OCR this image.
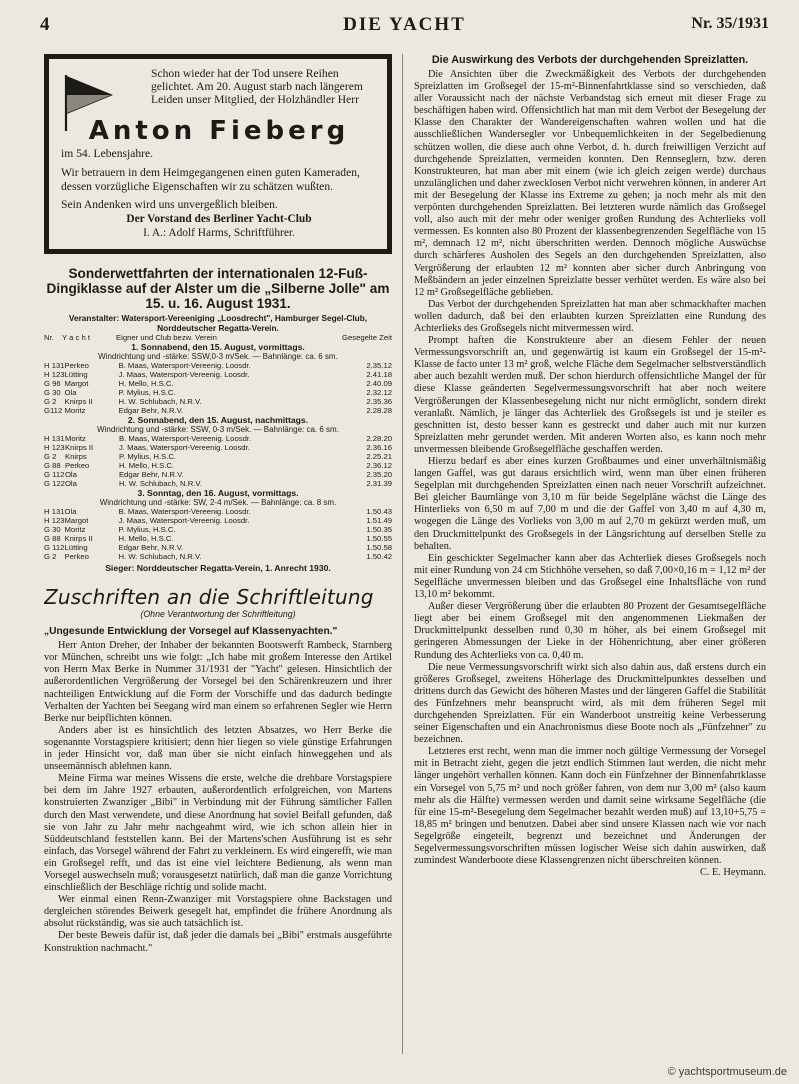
4	DIE YACHT	Nr. 35/1931

Schon wieder hat der Tod unsere Reihen gelichtet. Am 20. August starb nach längerem Leiden unser Mitglied, der Holzhändler Herr

Anton Fieberg

im 54. Lebensjahre.

Wir betrauern in dem Heimgegangenen einen guten Kameraden, dessen vorzügliche Eigenschaften wir zu schätzen wußten.

Sein Andenken wird uns unvergeßlich bleiben.

Der Vorstand des Berliner Yacht-Club

I. A.: Adolf Harms, Schriftführer.

Sonderwettfahrten der internationalen 12-Fuß-Dingiklasse auf der Alster um die „Silberne Jolle" am 15. u. 16. August 1931.
Veranstalter: Watersport-Vereeniging „Loosdrecht", Hamburger Segel-Club, Norddeutscher Regatta-Verein.
Nr.	Y a c h t	Eigner und Club bezw. Verein	Gesegelte Zeit
1. Sonnabend, den 15. August, vormittags.
Windrichtung und -stärke: SSW,0-3 m/Sek. — Bahnlänge: ca. 6 sm.
H 131	Perkeo	B. Maas, Watersport-Vereenig. Loosdr.	2.35.12
H 123	Lütting	J. Maas, Watersport-Vereenig. Loosdr.	2.41.18
G 96	Margot	H. Mello, H.S.C.	2.40.09
G 30	Ola	P. Mylius, H.S.C.	2.32.12
G 2	Knirps II	H. W. Schlubach, N.R.V.	2.35.36
G112	Moritz	Edgar Behr, N.R.V.	2.28.28
2. Sonnabend, den 15. August, nachmittags.
Windrichtung und -stärke: SSW, 0-3 m/Sek. — Bahnlänge: ca. 6 sm.
H 131	Moritz	B. Maas, Watersport-Vereenig. Loosdr.	2.28.20
H 123	Knirps II	J. Maas, Watersport-Vereenig. Loosdr.	2.36.16
G 2	Knirps	P. Mylius, H.S.C.	2.25.21
G 88	Perkeo	H. Mello, H.S.C.	2.36.12
G 112	Ola	Edgar Behr, N.R.V.	2.35.20
G 122	Ola	H. W. Schlubach, N.R.V.	2.31.39
3. Sonntag, den 16. August, vormittags.
Windrichtung und -stärke: SW, 2-4 m/Sek. — Bahnlänge: ca. 8 sm.
H 131	Ola	B. Maas, Watersport-Vereenig. Loosdr.	1.50.43
H 123	Margot	J. Maas, Watersport-Vereenig. Loosdr.	1.51.49
G 30	Moritz	P. Mylius, H.S.C.	1.50.35
G 88	Knirps II	H. Mello, H.S.C.	1.50.55
G 112	Lütting	Edgar Behr, N.R.V.	1.50.58
G 2	Perkeo	H. W. Schlubach, N.R.V.	1.50.42
Sieger: Norddeutscher Regatta-Verein, 1. Anrecht 1930.
Zuschriften an die Schriftleitung
(Ohne Verantwortung der Schriftleitung)
„Ungesunde Entwicklung der Vorsegel auf Klassenyachten."

Herr Anton Dreher, der Inhaber der bekannten Bootswerft Rambeck, Starnberg vor München, schreibt uns wie folgt: „Ich habe mit großem Interesse den Artikel von Herrn Max Berke in Nummer 31/1931 der "Yacht" gelesen. Hinsichtlich der außerordentlichen Vergrößerung der Vorsegel bei den Schärenkreuzern und ihrer nachteiligen Entwicklung auf die Form der Vorschiffe und das dadurch bedingte Verhalten der Yachten bei Seegang wird man einem so erfahrenen Segler wie Herrn Berke nur beipflichten können.

Anders aber ist es hinsichtlich des letzten Absatzes, wo Herr Berke die sogenannte Vorstagspiere kritisiert; denn hier liegen so viele günstige Erfahrungen in jeder Hinsicht vor, daß man über sie nicht einfach hinweggehen und als unseemännisch ablehnen kann.

Meine Firma war meines Wissens die erste, welche die drehbare Vorstagspiere bei dem im Jahre 1927 erbauten, außerordentlich erfolgreichen, von Martens konstruierten Zwanziger „Bibi" in Verbindung mit der Führung sämtlicher Fallen durch den Mast verwendete, und diese Anordnung hat soviel Beifall gefunden, daß sie von Jahr zu Jahr mehr nachgeahmt wird, wie ich schon allein hier in Süddeutschland feststellen kann. Bei der Martens'schen Ausführung ist es sehr einfach, das Vorsegel während der Fahrt zu verkleinern. Es wird eingerefft, wie man ein Großsegel refft, und das ist eine viel leichtere Bedienung, als wenn man Vorsegel auswechseln muß; vorausgesetzt natürlich, daß man die ganze Vorrichtung einschließlich der Beschläge richtig und solide macht.

Wer einmal einen Renn-Zwanziger mit Vorstagspiere ohne Backstagen und dergleichen störendes Beiwerk gesegelt hat, empfindet die frühere Anordnung als absolut rückständig, was sie auch tatsächlich ist.

Der beste Beweis dafür ist, daß jeder die damals bei „Bibi" erstmals ausgeführte Konstruktion nachmacht."

Die Auswirkung des Verbots der durchgehenden Spreizlatten.

Die Ansichten über die Zweckmäßigkeit des Verbots der durchgehenden Spreizlatten im Großsegel der 15-m²-Binnenfahrtklasse sind so verschieden, daß aller Voraussicht nach der nächste Verbandstag sich erneut mit dieser Frage zu beschäftigen haben wird. Offensichtlich hat man mit dem Verbot der Besegelung der Klasse den Charakter der Wandereigenschaften wahren wollen und hat die ausschließlichen Wandersegler vor Unbequemlichkeiten in der Segelbedienung schützen wollen, die diese auch ohne Verbot, d. h. durch freiwilligen Verzicht auf durchgehende Spreizlatten, vermeiden konnten. Den Rennseglern, bzw. deren Konstrukteuren, hat man aber mit einem (wie ich gleich zeigen werde) durchaus unzulänglichen und daher zwecklosen Verbot nicht verwehren können, in anderer Art mit der Besegelung der Klasse ins Extreme zu gehen; ja noch mehr als mit den verpönten durchgehenden Spreizlatten. Bei letzteren wurde nämlich das Großsegel voll, also auch mit der mehr oder weniger großen Rundung des Achterlieks voll vermessen. Es konnten also 80 Prozent der klassenbegrenzenden Segelfläche von 15 m², demnach 12 m², nicht überschritten werden. Dennoch mögliche Auswüchse durch schärferes Ausholen des Segels an den durchgehenden Spreizlatten, also Vergrößerung der erlaubten 12 m² konnten aber sicher durch Anbringung von Meßbändern an jeder einzelnen Spreizlatte besser verhütet werden. Es wäre also bei 12 m² Großsegelfläche geblieben.

Das Verbot der durchgehenden Spreizlatten hat man aber schmackhafter machen wollen dadurch, daß bei den erlaubten kurzen Spreizlatten eine Rundung des Achterlieks des Großsegels nicht mitvermessen wird.

Prompt haften die Konstrukteure aber an diesem Fehler der neuen Vermessungsvorschrift an, und gegenwärtig ist kaum ein Großsegel der 15-m²-Klasse de facto unter 13 m² groß, welche Fläche dem Segelmacher selbstverständlich aber auch bezahlt werden muß. Der schon hierdurch offensichtliche Mangel der für diese Klasse geänderten Segelvermessungsvorschrift hat aber noch weitere Vergrößerungen der Klassenbesegelung nicht nur nicht ermöglicht, sondern direkt veranlaßt. Nämlich, je länger das Achterliek des Großsegels ist und je steiler es geschnitten ist, desto besser kann es gestreckt und daher auch mit nur kurzen Spreizlatten mehr gerundet werden. Mit anderen Worten also, es kann noch mehr unvermessen bleibende Großsegelfläche geschaffen werden.

Hierzu bedarf es aber eines kurzen Großbaumes und einer unverhältnismäßig langen Gaffel, was gut daraus ersichtlich wird, wenn man über einen früheren Segelplan mit durchgehenden Spreizlatten einen nach neuer Vorschrift aufzeichnet. Bei gleicher Baumlänge von 3,10 m für beide Segelpläne wächst die Länge des Hinterlieks von 6,50 m auf 7,00 m und die der Gaffel von 3,40 m auf 4,30 m, wogegen die Länge des Vorlieks von 3,00 m auf 2,70 m gekürzt werden muß, um den Druckmittelpunkt des Großsegels in der Längsrichtung auf derselben Stelle zu behalten.

Ein geschickter Segelmacher kann aber das Achterliek dieses Großsegels noch mit einer Rundung von 24 cm Stichhöhe versehen, so daß 7,00×0,16 m = 1,12 m² der Segelfläche unvermessen bleiben und das Großsegel eine Inhaltsfläche von rund 13,10 m² bekommt.

Außer dieser Vergrößerung über die erlaubten 80 Prozent der Gesamtsegelfläche liegt aber bei einem Großsegel mit den angenommenen Liekmaßen der Druckmittelpunkt desselben rund 0,30 m höher, als bei einem Großsegel mit geringeren Abmessungen der Lieke in der Höhenrichtung, aber einer größeren Rundung des Achterlieks von ca. 0,40 m.

Die neue Vermessungsvorschrift wirkt sich also dahin aus, daß erstens durch ein größeres Großsegel, zweitens Höherlage des Druckmittelpunktes desselben und drittens durch das Gewicht des höheren Mastes und der längeren Gaffel die Stabilität des Fünfzehners mehr beansprucht wird, als mit dem früheren Segel mit durchgehenden Spreizlatten. Für ein Wanderboot unstreitig keine Verbesserung seiner Eigenschaften und ein Anachronismus diese Boote noch als „Fünfzehner" zu bezeichnen.

Letzteres erst recht, wenn man die immer noch gültige Vermessung der Vorsegel mit in Betracht zieht, gegen die jetzt endlich Stimmen laut werden, die nicht mehr länger ungehört verhallen können. Kann doch ein Fünfzehner der Binnenfahrtklasse ein Vorsegel von 5,75 m² und noch größer fahren, von dem nur 3,00 m² (also kaum mehr als die Hälfte) vermessen werden und damit seine wirksame Segelfläche (die für eine 15-m²-Besegelung dem Segelmacher bezahlt werden muß) auf 13,10+5,75 = 18,85 m² bringen und benutzen. Dabei aber sind unsere Klassen nach wie vor nach Segelgröße eingeteilt, begrenzt und bezeichnet und Änderungen der Segelvermessungsvorschriften müssen logischer Weise sich dahin auswirken, daß zumindest Wanderboote diese Klassengrenzen nicht überschreiten können.

C. E. Heymann.

© yachtsportmuseum.de
